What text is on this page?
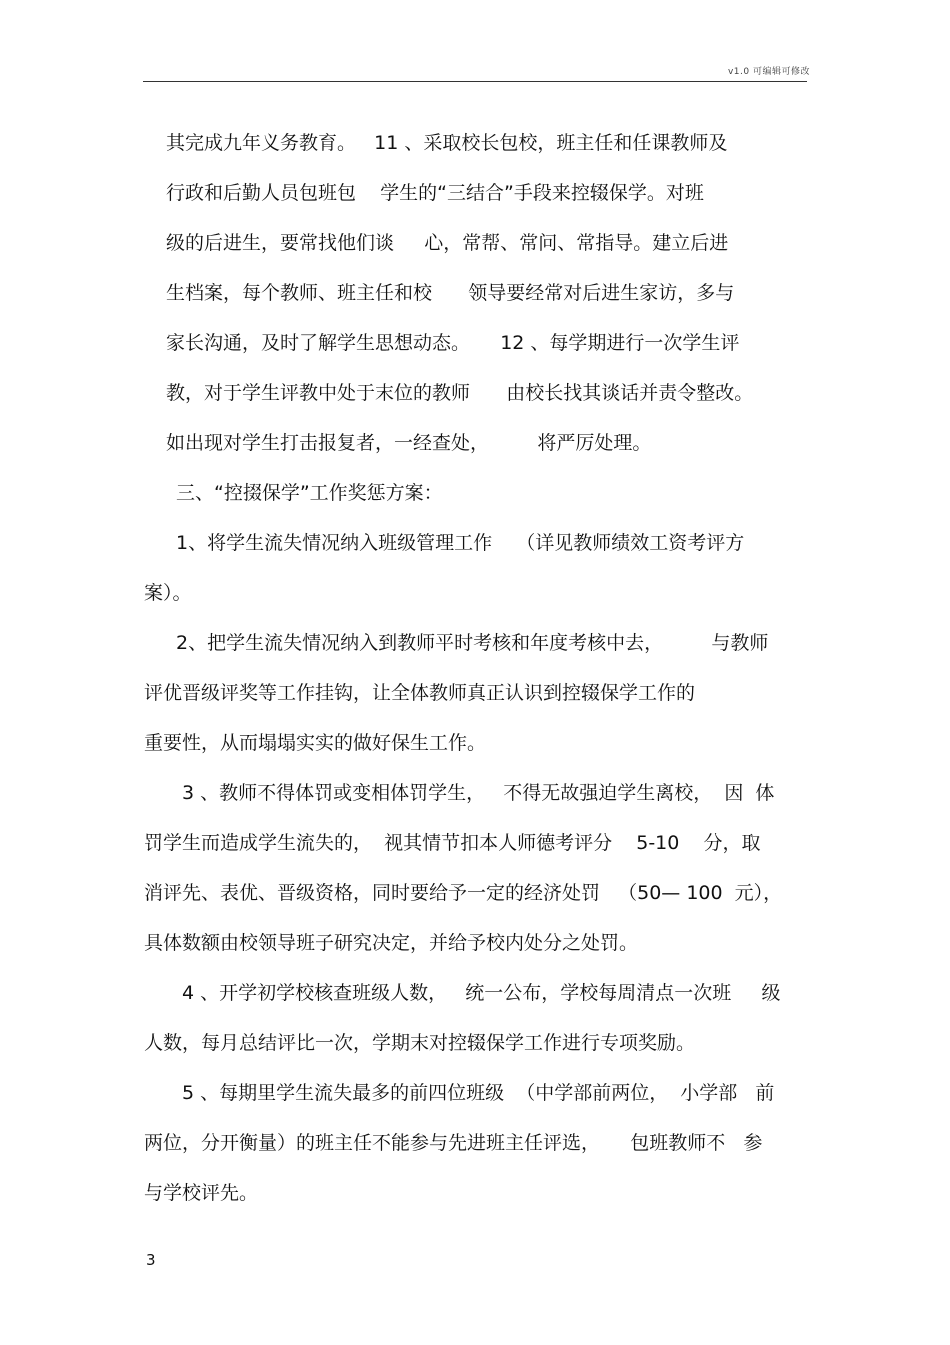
v1.0 可编辑可修改
其完成九年义务教育。   11 、采取校长包校，班主任和任课教师及
行政和后勤人员包班包    学生的“三结合”手段来控辍保学。对班
级的后进生，要常找他们谈     心，常帮、常问、常指导。建立后进
生档案，每个教师、班主任和校      领导要经常对后进生家访，多与
家长沟通，及时了解学生思想动态。     12 、每学期进行一次学生评
教，对于学生评教中处于末位的教师      由校长找其谈话并责令整改。
如出现对学生打击报复者，一经查处，        将严厉处理。
三、“控掇保学”工作奖惩方案：
1、将学生流失情况纳入班级管理工作    （详见教师绩效工资考评方
案）。
2、把学生流失情况纳入到教师平时考核和年度考核中去，        与教师
评优晋级评奖等工作挂钩，让全体教师真正认识到控辍保学工作的
重要性，从而塌塌实实的做好保生工作。
3 、教师不得体罚或变相体罚学生，   不得无故强迫学生离校，  因  体
罚学生而造成学生流失的，  视其情节扣本人师德考评分    5-10    分，取
消评先、表优、晋级资格，同时要给予一定的经济处罚   （50— 100  元），
具体数额由校领导班子研究决定，并给予校内处分之处罚。
4 、开学初学校核查班级人数，   统一公布，学校每周清点一次班     级
人数，每月总结评比一次，学期末对控辍保学工作进行专项奖励。
5 、每期里学生流失最多的前四位班级  （中学部前两位，  小学部   前
两位，分开衡量）的班主任不能参与先进班主任评选，     包班教师不   参
与学校评先。
3
